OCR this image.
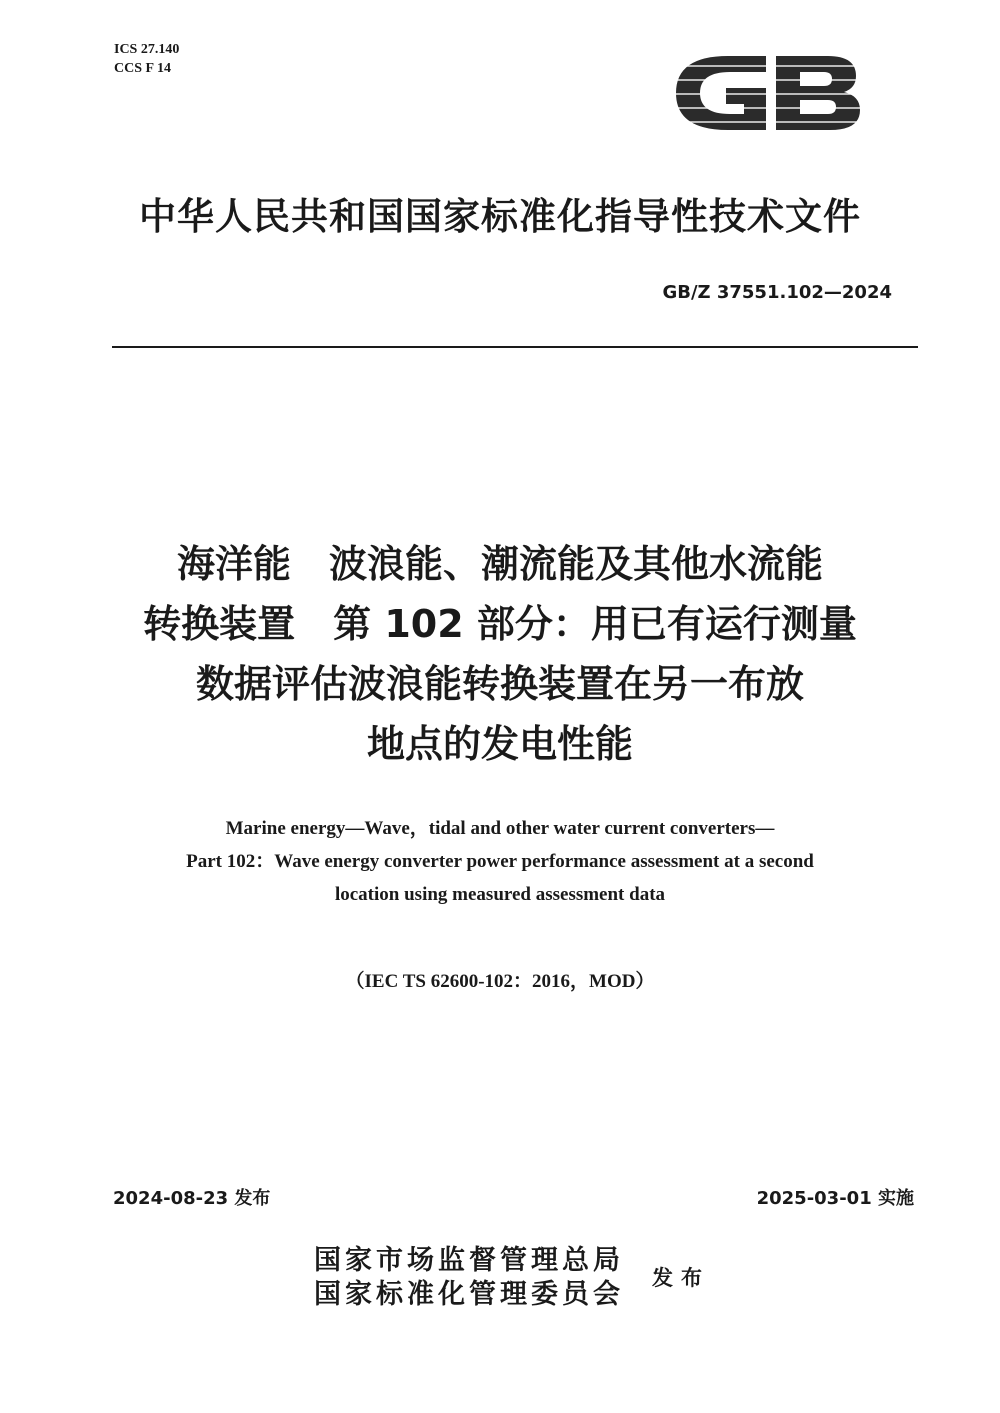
ICS 27.140
CCS F 14
中华人民共和国国家标准化指导性技术文件
GB/Z 37551.102—2024
海洋能　波浪能、潮流能及其他水流能
转换装置　第 102 部分：用已有运行测量
数据评估波浪能转换装置在另一布放
地点的发电性能
Marine energy—Wave，tidal and other water current converters—
Part 102：Wave energy converter power performance assessment at a second
location using measured assessment data
（IEC TS 62600-102：2016，MOD）
2024-08-23 发布	2025-03-01 实施
国家市场监督管理总局
国家标准化管理委员会
发布
